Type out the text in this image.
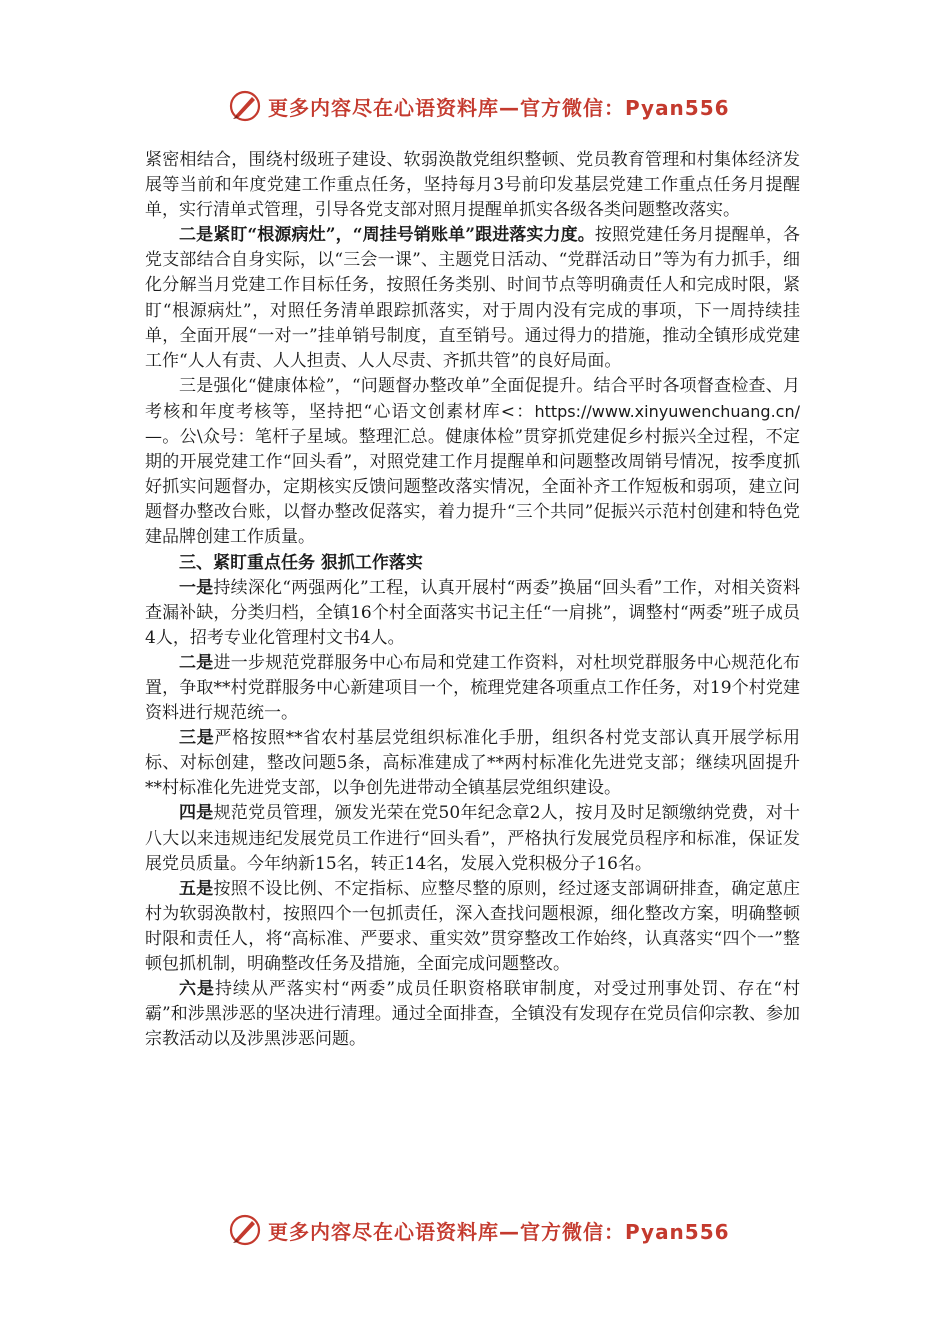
更多内容尽在心语资料库—官方微信：Pyan556

紧密相结合，围绕村级班子建设、软弱涣散党组织整顿、党员教育管理和村集体经济发展等当前和年度党建工作重点任务，坚持每月3号前印发基层党建工作重点任务月提醒单，实行清单式管理，引导各党支部对照月提醒单抓实各级各类问题整改落实。

二是紧盯“根源病灶”，“周挂号销账单”跟进落实力度。按照党建任务月提醒单，各党支部结合自身实际，以“三会一课”、主题党日活动、“党群活动日”等为有力抓手，细化分解当月党建工作目标任务，按照任务类别、时间节点等明确责任人和完成时限，紧盯“根源病灶”，对照任务清单跟踪抓落实，对于周内没有完成的事项，下一周持续挂单，全面开展“一对一”挂单销号制度，直至销号。通过得力的措施，推动全镇形成党建工作“人人有责、人人担责、人人尽责、齐抓共管”的良好局面。

三是强化“健康体检”，“问题督办整改单”全面促提升。结合平时各项督查检查、月考核和年度考核等，坚持把“心语文创素材库<：https://www.xinyuwenchuang.cn/—。公\众号：笔杆子星域。整理汇总。健康体检”贯穿抓党建促乡村振兴全过程，不定期的开展党建工作“回头看”，对照党建工作月提醒单和问题整改周销号情况，按季度抓好抓实问题督办，定期核实反馈问题整改落实情况，全面补齐工作短板和弱项，建立问题督办整改台账，以督办整改促落实，着力提升“三个共同”促振兴示范村创建和特色党建品牌创建工作质量。

三、紧盯重点任务 狠抓工作落实

一是持续深化“两强两化”工程，认真开展村“两委”换届“回头看”工作，对相关资料查漏补缺，分类归档，全镇16个村全面落实书记主任“一肩挑”，调整村“两委”班子成员4人，招考专业化管理村文书4人。

二是进一步规范党群服务中心布局和党建工作资料，对杜坝党群服务中心规范化布置，争取**村党群服务中心新建项目一个，梳理党建各项重点工作任务，对19个村党建资料进行规范统一。

三是严格按照**省农村基层党组织标准化手册，组织各村党支部认真开展学标用标、对标创建，整改问题5条，高标准建成了**两村标准化先进党支部；继续巩固提升**村标准化先进党支部，以争创先进带动全镇基层党组织建设。

四是规范党员管理，颁发光荣在党50年纪念章2人，按月及时足额缴纳党费，对十八大以来违规违纪发展党员工作进行“回头看”，严格执行发展党员程序和标准，保证发展党员质量。今年纳新15名，转正14名，发展入党积极分子16名。

五是按照不设比例、不定指标、应整尽整的原则，经过逐支部调研排查，确定葸庄村为软弱涣散村，按照四个一包抓责任，深入查找问题根源，细化整改方案，明确整顿时限和责任人，将“高标准、严要求、重实效”贯穿整改工作始终，认真落实“四个一”整顿包抓机制，明确整改任务及措施，全面完成问题整改。

六是持续从严落实村“两委”成员任职资格联审制度，对受过刑事处罚、存在“村霸”和涉黑涉恶的坚决进行清理。通过全面排查，全镇没有发现存在党员信仰宗教、参加宗教活动以及涉黑涉恶问题。

更多内容尽在心语资料库—官方微信：Pyan556
